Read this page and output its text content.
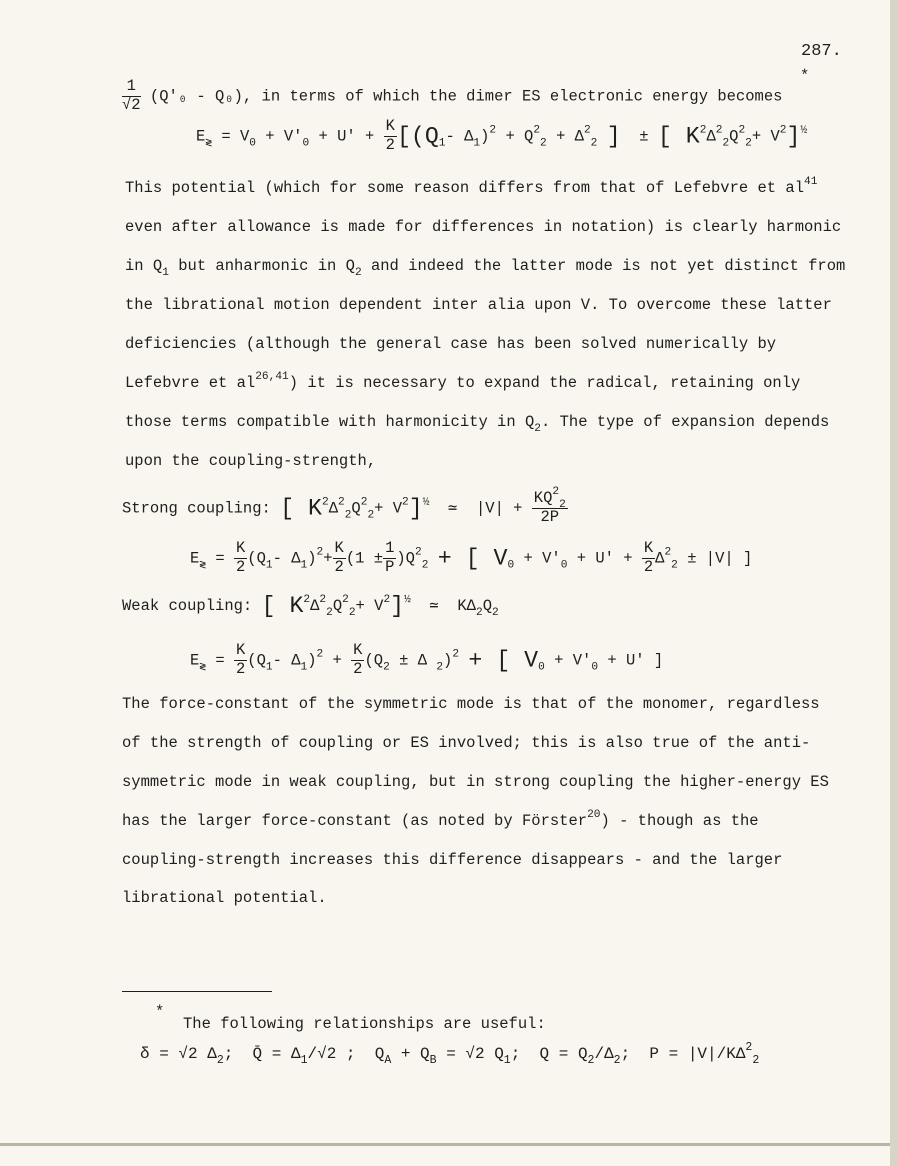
287.
*
$\frac{1}{√2} (Q'_0 - Q_0)$, in terms of which the dimer ES electronic energy becomes
$E_≷ = V_0 + V'_0 + U' + \frac{K}{2} [(Q_1-$ $\Delta_1)^2 + Q^2_2 + \Delta^2_2$ ] ± [ $K^2\Delta^2_2Q^2_2+ V^2]^{\frac{1}{2}}$
This potential (which for some reason differs from that of Lefebvre et $al^{41}$
even after allowance is made for differences in notation) is clearly harmonic
in $Q_1$ but anharmonic in $Q_2$ and indeed the latter mode is not yet distinct from
the librational motion dependent inter alia upon V. To overcome these latter
deficiencies (although the general case has been solved numerically by
Lefebvre et al$^{26,41}$) it is necessary to expand the radical, retaining only
those terms compatible with harmonicity in $Q_2$. The type of expansion depends
upon the coupling-strength,
Strong coupling: [ $K^2\Delta^2_2Q^2_2+ V^2]^{\frac{1}{2}}$ ≃ $|V| + \frac{KQ^2_2}{2P}$
$E_≷ = \frac{K}{2} (Q_1-$ $\Delta_1)^2+ \frac{K}{2} (1 \pm \frac{1}{P} )Q^2_2$ + [ $V_0 + V'_0 + U' + \frac{K}{2} \Delta^2_2 \pm |V|$ ]
Weak coupling: [ $K^2\Delta^2_2Q^2_2+ V^2]^{\frac{1}{2}}$ ≃ $K\Delta_2Q_2$
$E_≷ = \frac{K}{2} (Q_1-$ $\Delta_1)^2 + \frac{K}{2} (Q_2 \pm \Delta$ $_2$)$^2$ + [ $V_0 + V'_0 + U'$ ]
The force-constant of the symmetric mode is that of the monomer, regardless
of the strength of coupling or ES involved; this is also true of the anti-
symmetric mode in weak coupling, but in strong coupling the higher-energy ES
has the larger force-constant (as noted by Förster$^{20}$) - though as the
coupling-strength increases this difference disappears - and the larger
librational potential.
*
The following relationships are useful:
δ = √2 $\Delta_2$; Q̄ = $\Delta_1/√2$ ; $Q_A + Q_B = √2$ $Q_1$; $Q = Q_2/\Delta_2$; $P = |V|/K\Delta^2_2$
